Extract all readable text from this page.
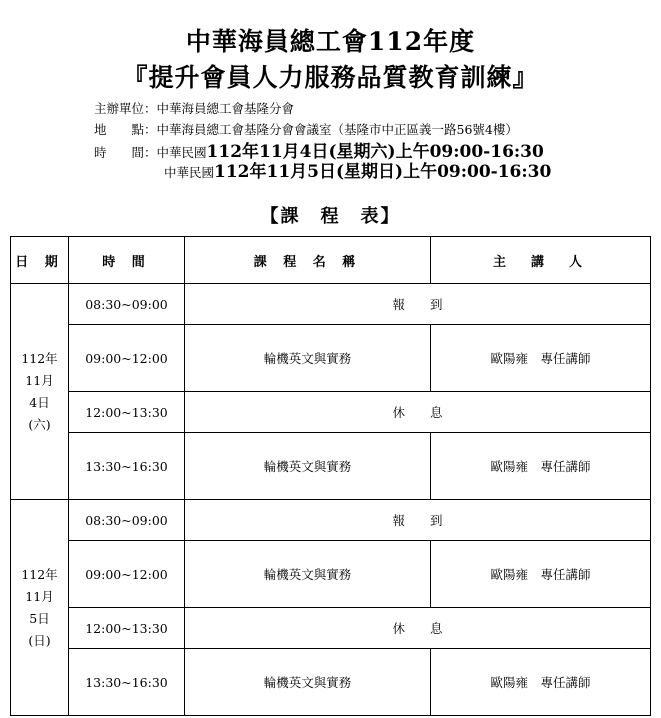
中華海員總工會112年度
『提升會員人力服務品質教育訓練』
主辦單位：中華海員總工會基隆分會
地　　點：中華海員總工會基隆分會會議室（基隆市中正區義一路56號4樓）
時　　間：中華民國112年11月4日(星期六)上午09:00-16:30
中華民國112年11月5日(星期日)上午09:00-16:30
【課　程　表】
日 期	時 間	課 程 名 稱	主　講　人

112年
11月
4日
(六)	08:30~09:00	報　　到	
	09:00~12:00	輪機英文與實務	歐陽雍　專任講師
	12:00~13:30	休　　息	
	13:30~16:30	輪機英文與實務	歐陽雍　專任講師

112年
11月
5日
(日)	08:30~09:00	報　　到	
	09:00~12:00	輪機英文與實務	歐陽雍　專任講師
	12:00~13:30	休　　息	
	13:30~16:30	輪機英文與實務	歐陽雍　專任講師
